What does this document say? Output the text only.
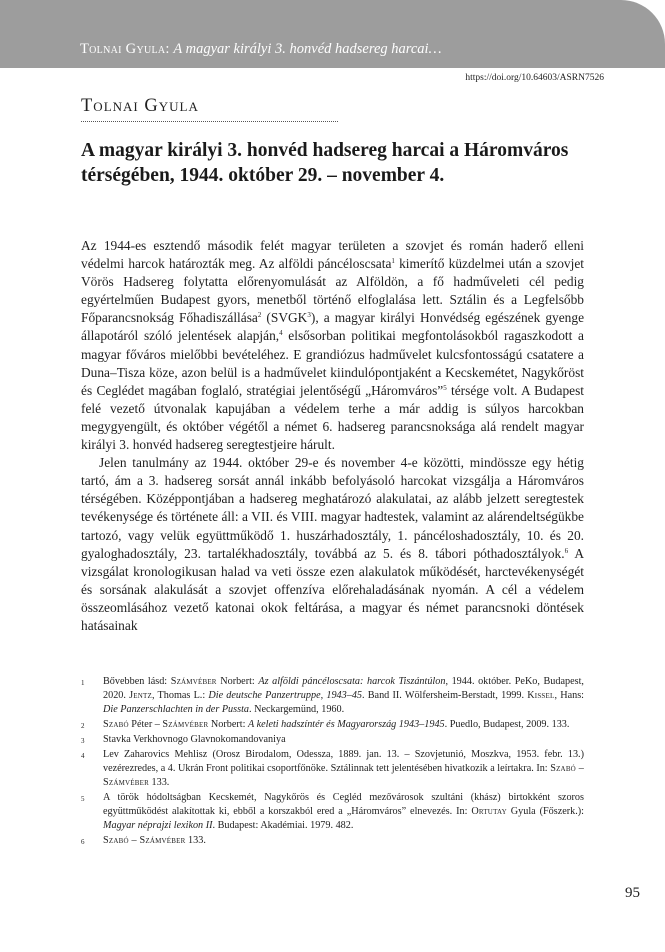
Tolnai Gyula: A magyar királyi 3. honvéd hadsereg harcai…
https://doi.org/10.64603/ASRN7526
Tolnai Gyula
A magyar királyi 3. honvéd hadsereg harcai a Háromváros térségében, 1944. október 29. – november 4.

Az 1944-es esztendő második felét magyar területen a szovjet és román haderő elleni védelmi harcok határozták meg. Az alföldi páncéloscsata$^1$ kimerítő küzdelmei után a szovjet Vörös Hadsereg folytatta előrenyomulását az Alföldön, a fő hadműveleti cél pedig egyértelműen Budapest gyors, menetből történő elfoglalása lett. Sztálin és a Legfelsőbb Főparancsnokság Főhadiszállása$^2$ (SVGK$^3$), a magyar királyi Honvédség egészének gyenge állapotáról szóló jelentések alapján,$^4$ elsősorban politikai megfontolásokból ragaszkodott a magyar főváros mielőbbi bevételéhez. E grandiózus hadművelet kulcsfontosságú csatatere a Duna–Tisza köze, azon belül is a hadművelet kiindulópontjaként a Kecskemétet, Nagykőröst és Ceglédet magában foglaló, stratégiai jelentőségű „Háromváros”$^5$ térsége volt. A Budapest felé vezető útvonalak kapujában a védelem terhe a már addig is súlyos harcokban megygyengült, és október végétől a német 6. hadsereg parancsnoksága alá rendelt magyar királyi 3. honvéd hadsereg seregtestjeire hárult.

Jelen tanulmány az 1944. október 29-e és november 4-e közötti, mindössze egy hétig tartó, ám a 3. hadsereg sorsát annál inkább befolyásoló harcokat vizsgálja a Háromváros térségében. Középpontjában a hadsereg meghatározó alakulatai, az alább jelzett seregtestek tevékenysége és története áll: a VII. és VIII. magyar hadtestek, valamint az alárendeltségükbe tartozó, vagy velük együttműködő 1. huszárhadosztály, 1. páncéloshadosztály, 10. és 20. gyaloghadosztály, 23. tartalékhadosztály, továbbá az 5. és 8. tábori póthadosztályok.$^6$ A vizsgálat kronologikusan halad va veti össze ezen alakulatok működését, harctevékenységét és sorsának alakulását a szovjet offenzíva előrehaladásának nyomán. A cél a védelem összeomlásához vezető katonai okok feltárása, a magyar és német parancsnoki döntések hatásainak

1 Bővebben lásd: Számvéber Norbert: Az alföldi páncéloscsata: harcok Tiszántúlon, 1944. október. PeKo, Budapest, 2020. Jentz, Thomas L.: Die deutsche Panzertruppe, 1943–45. Band II. Wölfersheim-Berstadt, 1999. Kissel, Hans: Die Panzerschlachten in der Pussta. Neckargemünd, 1960.
2 Szabó Péter – Számvéber Norbert: A keleti hadszíntér és Magyarország 1943–1945. Puedlo, Budapest, 2009. 133.
3 Stavka Verkhovnogo Glavnokomandovaniya
4 Lev Zaharovics Mehlisz (Orosz Birodalom, Odessza, 1889. jan. 13. – Szovjetunió, Moszkva, 1953. febr. 13.) vezérezredes, a 4. Ukrán Front politikai csoportfőnöke. Sztálinnak tett jelentésében hivatkozik a leírtakra. In: Szabó – Számvéber 133.
5 A török hódoltságban Kecskemét, Nagykőrös és Cegléd mezővárosok szultáni (khász) birtokként szoros együttműködést alakítottak ki, ebből a korszakból ered a „Háromváros” elnevezés. In: Ortutay Gyula (Főszerk.): Magyar néprajzi lexikon II. Budapest: Akadémiai. 1979. 482.
6 Szabó – Számvéber 133.
95
